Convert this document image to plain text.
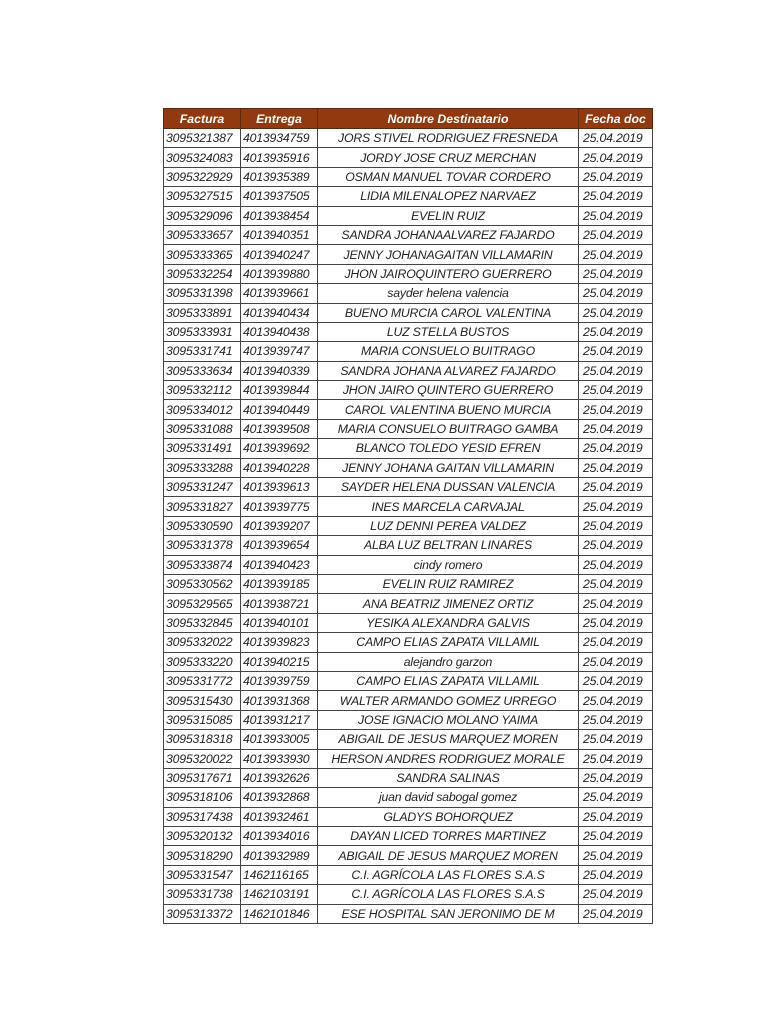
Factura	Entrega	Nombre Destinatario	Fecha doc
3095321387	4013934759	JORS STIVEL RODRIGUEZ FRESNEDA	25.04.2019
3095324083	4013935916	JORDY JOSE CRUZ MERCHAN	25.04.2019
3095322929	4013935389	OSMAN MANUEL TOVAR CORDERO	25.04.2019
3095327515	4013937505	LIDIA MILENALOPEZ NARVAEZ	25.04.2019
3095329096	4013938454	EVELIN RUIZ	25.04.2019
3095333657	4013940351	SANDRA JOHANAALVAREZ FAJARDO	25.04.2019
3095333365	4013940247	JENNY JOHANAGAITAN VILLAMARIN	25.04.2019
3095332254	4013939880	JHON JAIROQUINTERO GUERRERO	25.04.2019
3095331398	4013939661	sayder helena valencia	25.04.2019
3095333891	4013940434	BUENO MURCIA CAROL VALENTINA	25.04.2019
3095333931	4013940438	LUZ STELLA BUSTOS	25.04.2019
3095331741	4013939747	MARIA CONSUELO BUITRAGO	25.04.2019
3095333634	4013940339	SANDRA JOHANA ALVAREZ FAJARDO	25.04.2019
3095332112	4013939844	JHON JAIRO QUINTERO GUERRERO	25.04.2019
3095334012	4013940449	CAROL VALENTINA BUENO MURCIA	25.04.2019
3095331088	4013939508	MARIA CONSUELO BUITRAGO GAMBA	25.04.2019
3095331491	4013939692	BLANCO TOLEDO YESID EFREN	25.04.2019
3095333288	4013940228	JENNY JOHANA GAITAN VILLAMARIN	25.04.2019
3095331247	4013939613	SAYDER HELENA DUSSAN VALENCIA	25.04.2019
3095331827	4013939775	INES MARCELA CARVAJAL	25.04.2019
3095330590	4013939207	LUZ DENNI PEREA VALDEZ	25.04.2019
3095331378	4013939654	ALBA LUZ BELTRAN LINARES	25.04.2019
3095333874	4013940423	cindy romero	25.04.2019
3095330562	4013939185	EVELIN RUIZ RAMIREZ	25.04.2019
3095329565	4013938721	ANA BEATRIZ JIMENEZ ORTIZ	25.04.2019
3095332845	4013940101	YESIKA ALEXANDRA GALVIS	25.04.2019
3095332022	4013939823	CAMPO ELIAS ZAPATA VILLAMIL	25.04.2019
3095333220	4013940215	alejandro garzon	25.04.2019
3095331772	4013939759	CAMPO ELIAS ZAPATA VILLAMIL	25.04.2019
3095315430	4013931368	WALTER ARMANDO GOMEZ URREGO	25.04.2019
3095315085	4013931217	JOSE IGNACIO MOLANO YAIMA	25.04.2019
3095318318	4013933005	ABIGAIL DE JESUS MARQUEZ MOREN	25.04.2019
3095320022	4013933930	HERSON ANDRES RODRIGUEZ MORALE	25.04.2019
3095317671	4013932626	SANDRA SALINAS	25.04.2019
3095318106	4013932868	juan david sabogal gomez	25.04.2019
3095317438	4013932461	GLADYS BOHORQUEZ	25.04.2019
3095320132	4013934016	DAYAN LICED TORRES MARTINEZ	25.04.2019
3095318290	4013932989	ABIGAIL DE JESUS MARQUEZ MOREN	25.04.2019
3095331547	1462116165	C.I. AGRÍCOLA LAS FLORES S.A.S	25.04.2019
3095331738	1462103191	C.I. AGRÍCOLA LAS FLORES S.A.S	25.04.2019
3095313372	1462101846	ESE HOSPITAL SAN JERONIMO DE M	25.04.2019
